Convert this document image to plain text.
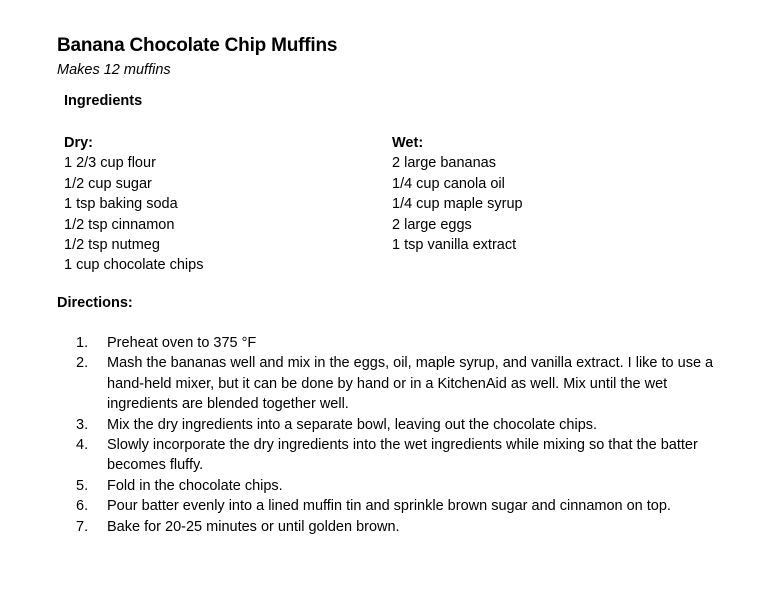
Banana Chocolate Chip Muffins
Makes 12 muffins
Ingredients
Dry:
1 2/3 cup flour
1/2 cup sugar
1 tsp baking soda
1/2 tsp cinnamon
1/2 tsp nutmeg
1 cup chocolate chips
Wet:
2 large bananas
1/4 cup canola oil
1/4 cup maple syrup
2 large eggs
1 tsp vanilla extract
Directions:
1.	Preheat oven to 375 °F
2.	Mash the bananas well and mix in the eggs, oil, maple syrup, and vanilla extract. I like to use a hand-held mixer, but it can be done by hand or in a KitchenAid as well. Mix until the wet ingredients are blended together well.
3.	Mix the dry ingredients into a separate bowl, leaving out the chocolate chips.
4.	Slowly incorporate the dry ingredients into the wet ingredients while mixing so that the batter becomes fluffy.
5.	Fold in the chocolate chips.
6.	Pour batter evenly into a lined muffin tin and sprinkle brown sugar and cinnamon on top.
7.	Bake for 20-25 minutes or until golden brown.
